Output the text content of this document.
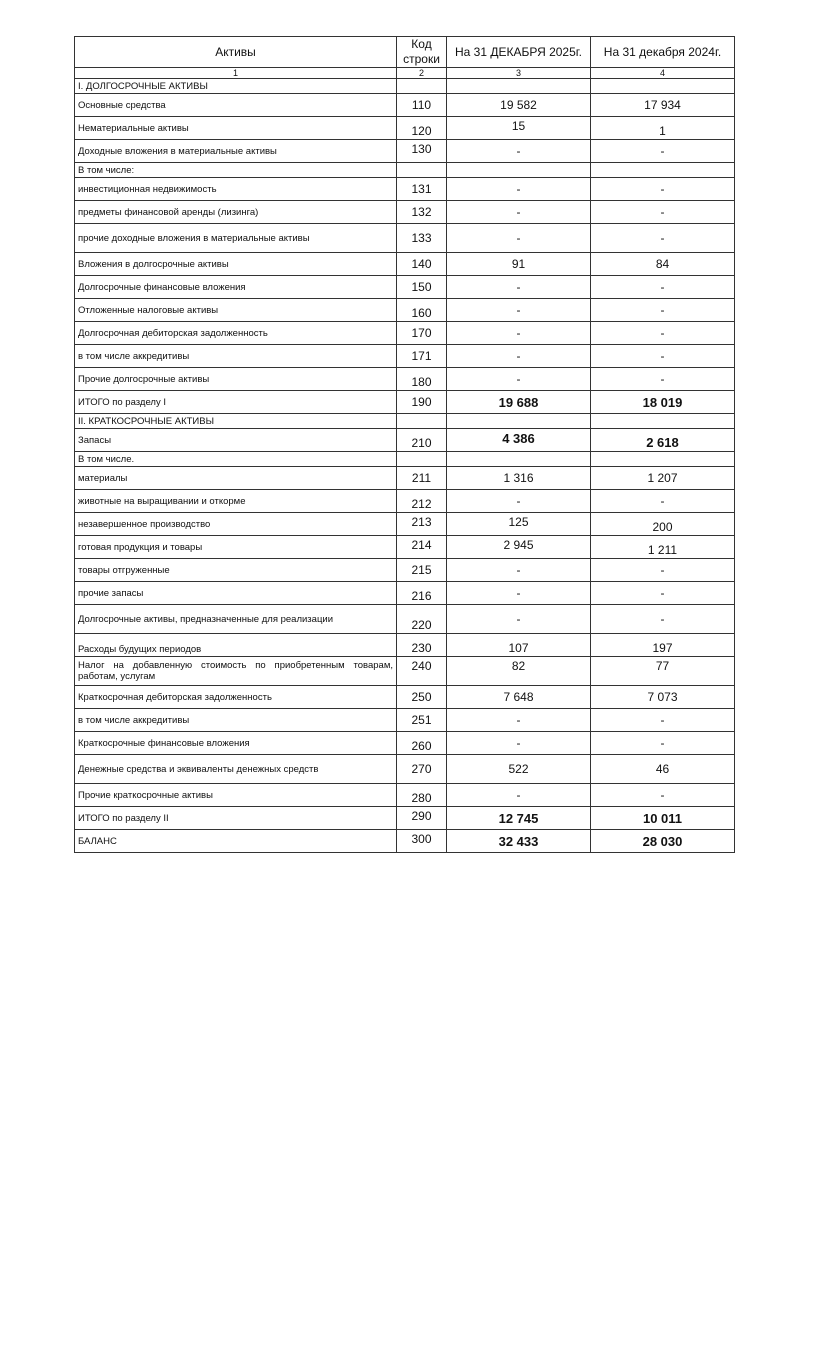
Активы	Код строки	На 31 ДЕКАБРЯ 2025г.	На 31 декабря 2024г.
1	2	3	4
I. ДОЛГОСРОЧНЫЕ АКТИВЫ			
Основные средства	110	19 582	17 934
Нематериальные активы	120	15	1
Доходные вложения в материальные активы	130	-	-
В том числе:			
инвестиционная недвижимость	131	-	-
предметы финансовой аренды (лизинга)	132	-	-
прочие доходные вложения в материальные активы	133	-	-
Вложения в долгосрочные активы	140	91	84
Долгосрочные финансовые вложения	150	-	-
Отложенные налоговые активы	160	-	-
Долгосрочная дебиторская задолженность	170	-	-
в том числе аккредитивы	171	-	-
Прочие долгосрочные активы	180	-	-
ИТОГО по разделу I	190	19 688	18 019
II. КРАТКОСРОЧНЫЕ АКТИВЫ			
Запасы	210	4 386	2 618
В том числе.			
материалы	211	1 316	1 207
животные на выращивании и откорме	212	-	-
незавершенное производство	213	125	200
готовая продукция и товары	214	2 945	1 211
товары отгруженные	215	-	-
прочие запасы	216	-	-
Долгосрочные активы, предназначенные для реализации	220	-	-
Расходы будущих периодов	230	107	197
Налог на добавленную стоимость по приобретенным товарам, работам, услугам	240	82	77
Краткосрочная дебиторская задолженность	250	7 648	7 073
в том числе аккредитивы	251	-	-
Краткосрочные финансовые вложения	260	-	-
Денежные средства и эквиваленты денежных средств	270	522	46
Прочие краткосрочные активы	280	-	-
ИТОГО по разделу II	290	12 745	10 011
БАЛАНС	300	32 433	28 030
